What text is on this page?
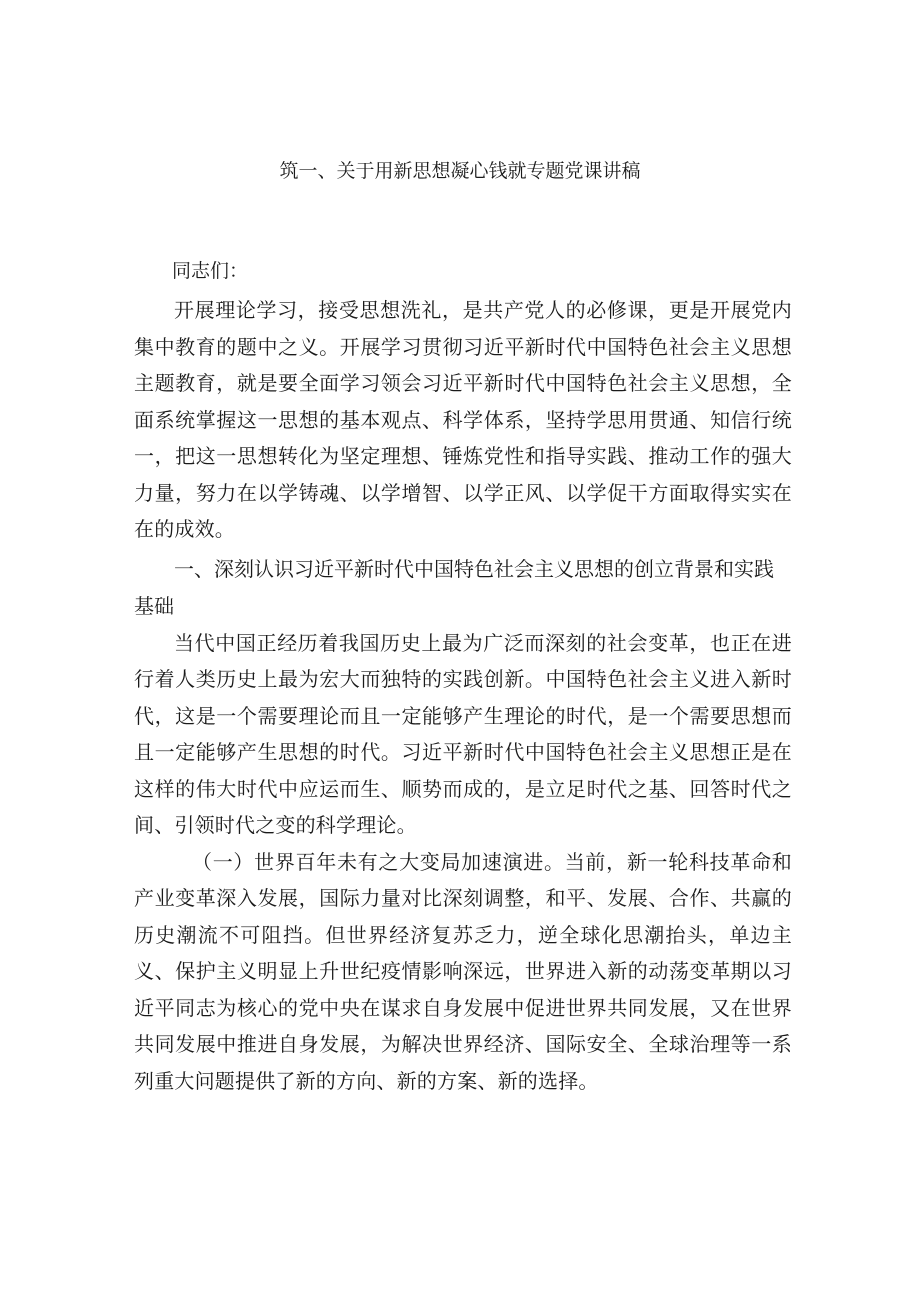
筑一、关于用新思想凝心钱就专题党课讲稿

同志们：

开展理论学习，接受思想洗礼，是共产党人的必修课，更是开展党内集中教育的题中之义。开展学习贯彻习近平新时代中国特色社会主义思想主题教育，就是要全面学习领会习近平新时代中国特色社会主义思想，全面系统掌握这一思想的基本观点、科学体系，坚持学思用贯通、知信行统一，把这一思想转化为坚定理想、锤炼党性和指导实践、推动工作的强大力量，努力在以学铸魂、以学增智、以学正风、以学促干方面取得实实在在的成效。

一、深刻认识习近平新时代中国特色社会主义思想的创立背景和实践基础

当代中国正经历着我国历史上最为广泛而深刻的社会变革，也正在进行着人类历史上最为宏大而独特的实践创新。中国特色社会主义进入新时代，这是一个需要理论而且一定能够产生理论的时代，是一个需要思想而且一定能够产生思想的时代。习近平新时代中国特色社会主义思想正是在这样的伟大时代中应运而生、顺势而成的，是立足时代之基、回答时代之间、引领时代之变的科学理论。

（一）世界百年未有之大变局加速演进。当前，新一轮科技革命和产业变革深入发展，国际力量对比深刻调整，和平、发展、合作、共赢的历史潮流不可阻挡。但世界经济复苏乏力，逆全球化思潮抬头，单边主义、保护主义明显上升世纪疫情影响深远，世界进入新的动荡变革期以习近平同志为核心的党中央在谋求自身发展中促进世界共同发展，又在世界共同发展中推进自身发展，为解决世界经济、国际安全、全球治理等一系列重大问题提供了新的方向、新的方案、新的选择。
